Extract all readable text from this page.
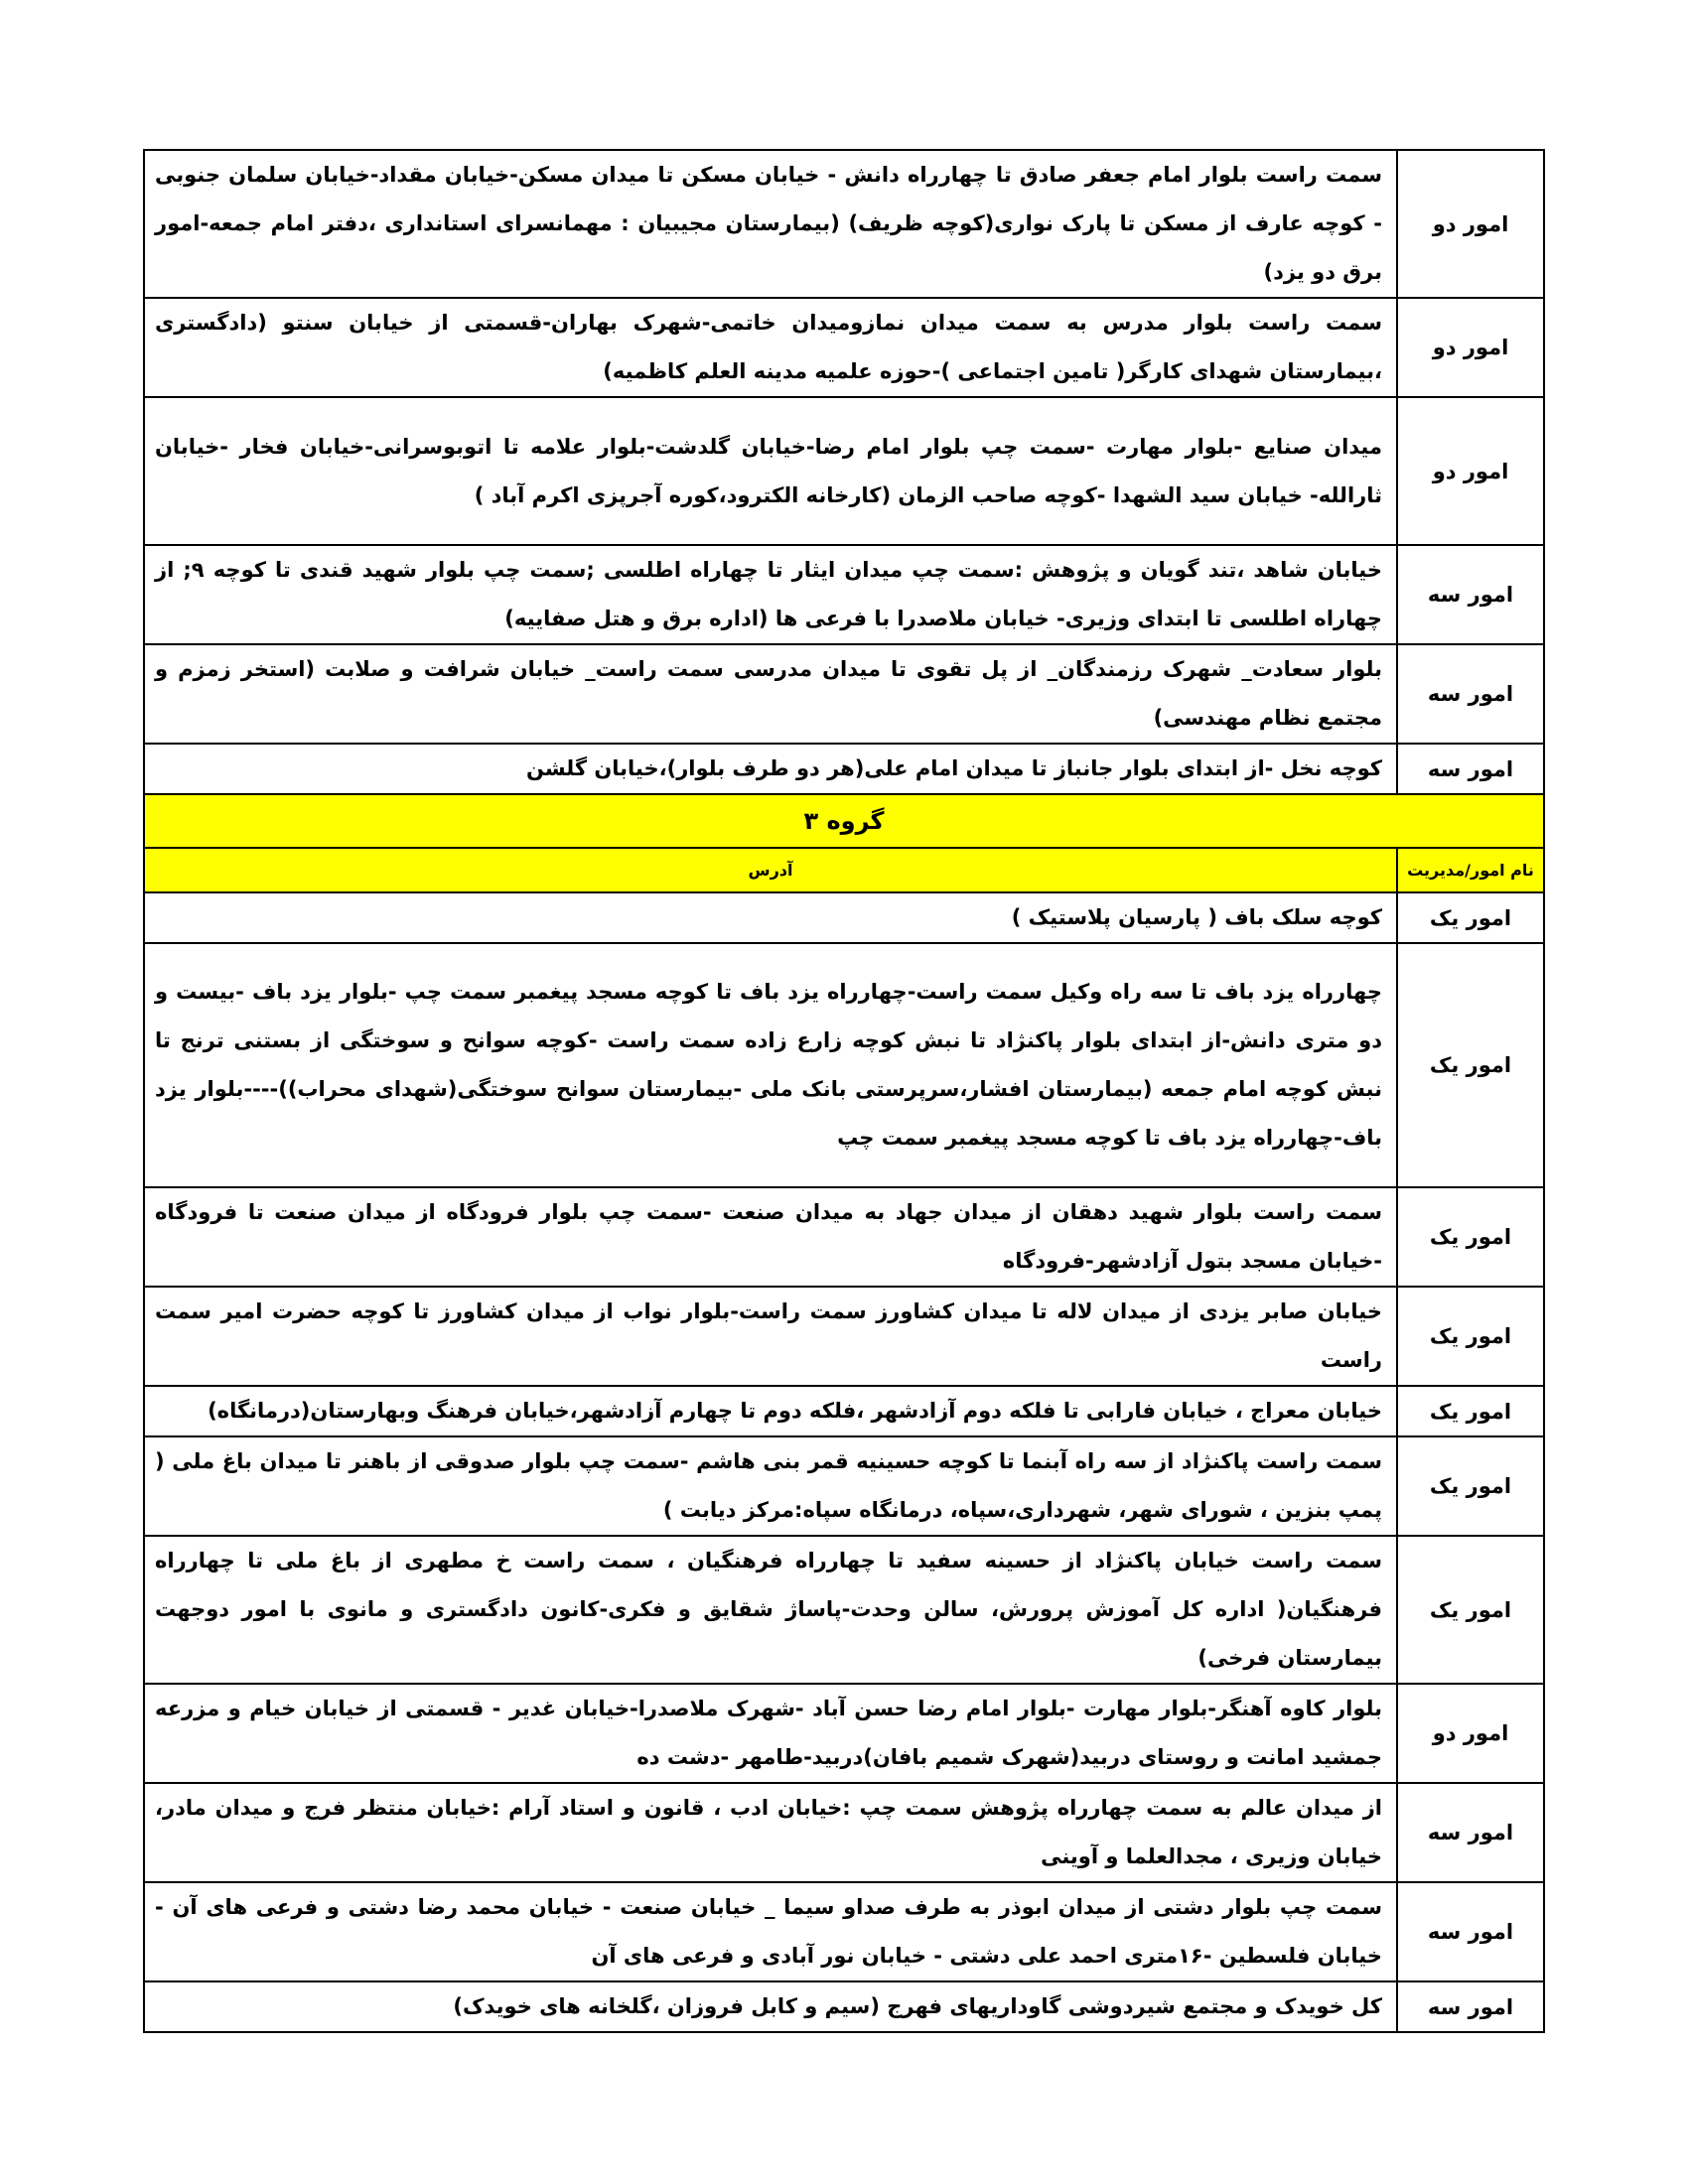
امور دو	سمت راست بلوار امام جعفر صادق تا چهارراه دانش - خیابان مسکن تا میدان مسکن-خیابان مقداد-خیابان سلمان جنوبی - کوچه عارف از مسکن تا پارک نواری(کوچه ظریف) (بیمارستان مجیبیان : مهمانسرای استانداری ،دفتر امام جمعه-امور برق دو یزد)
امور دو	سمت راست بلوار مدرس به سمت میدان نمازومیدان خاتمی-شهرک بهاران-قسمتی از خیابان سنتو (دادگستری ،بیمارستان شهدای کارگر( تامین اجتماعی )-حوزه علمیه مدینه العلم کاظمیه)
امور دو	میدان صنایع -بلوار مهارت -سمت چپ بلوار امام رضا-خیابان گلدشت-بلوار علامه تا اتوبوسرانی-خیابان فخار -خیابان ثارالله- خیابان سید الشهدا -کوچه صاحب الزمان (کارخانه الکترود،کوره آجرپزی اکرم آباد )
امور سه	خیابان شاهد ،تند گویان و پژوهش :سمت چپ میدان ایثار تا چهاراه اطلسی ;سمت چپ بلوار شهید قندی تا کوچه ۹; از چهاراه اطلسی تا ابتدای وزیری- خیابان ملاصدرا با فرعی ها (اداره برق و هتل صفاییه)
امور سه	بلوار سعادت_ شهرک رزمندگان_ از پل تقوی تا میدان مدرسی سمت راست_ خیابان شرافت و صلابت (استخر زمزم و مجتمع نظام مهندسی)
امور سه	کوچه نخل -از ابتدای بلوار جانباز تا میدان امام علی(هر دو طرف بلوار)،خیابان گلشن
گروه ۳	
نام امور/مدیریت	آدرس
امور یک	کوچه سلک باف ( پارسیان پلاستیک )
امور یک	چهارراه یزد باف تا سه راه وکیل سمت راست-چهارراه یزد باف تا کوچه مسجد پیغمبر سمت چپ -بلوار یزد باف -بیست و دو متری دانش-از ابتدای بلوار پاکنژاد تا نبش کوچه زارع زاده سمت راست -کوچه سوانح و سوختگی از بستنی ترنج تا نبش کوچه امام جمعه (بیمارستان افشار،سرپرستی بانک ملی -بیمارستان سوانح سوختگی(شهدای محراب))----بلوار یزد باف-چهارراه یزد باف تا کوچه مسجد پیغمبر سمت چپ
امور یک	سمت راست بلوار شهید دهقان از میدان جهاد به میدان صنعت -سمت چپ بلوار فرودگاه از میدان صنعت تا فرودگاه -خیابان مسجد بتول آزادشهر-فرودگاه
امور یک	خیابان صابر یزدی از میدان لاله تا میدان کشاورز سمت راست-بلوار نواب از میدان کشاورز تا کوچه حضرت امیر سمت راست
امور یک	خیابان معراج ، خیابان فارابی تا فلکه دوم آزادشهر ،فلکه دوم تا چهارم آزادشهر،خیابان فرهنگ وبهارستان(درمانگاه)
امور یک	سمت راست پاکنژاد از سه راه آبنما تا کوچه حسینیه قمر بنی هاشم -سمت چپ بلوار صدوقی از باهنر تا میدان باغ ملی ( پمپ بنزین ، شورای شهر، شهرداری،سپاه، درمانگاه سپاه:مرکز دیابت )
امور یک	سمت راست خیابان پاکنژاد از حسینه سفید تا چهارراه فرهنگیان ، سمت راست خ مطهری از باغ ملی تا چهارراه فرهنگیان( اداره کل آموزش پرورش، سالن وحدت-پاساژ شقایق و فکری-کانون دادگستری و مانوی با امور دوجهت بیمارستان فرخی)
امور دو	بلوار کاوه آهنگر-بلوار مهارت -بلوار امام رضا حسن آباد -شهرک ملاصدرا-خیابان غدیر - قسمتی از خیابان خیام و مزرعه جمشید امانت و روستای دربید(شهرک شمیم بافان)دربید-طامهر -دشت ده
امور سه	از میدان عالم به سمت چهارراه پژوهش سمت چپ :خیابان ادب ، قانون و استاد آرام :خیابان منتظر فرج و میدان مادر، خیابان وزیری ، مجدالعلما و آوینی
امور سه	سمت چپ بلوار دشتی از میدان ابوذر به طرف صداو سیما _ خیابان صنعت - خیابان محمد رضا دشتی و فرعی های آن - خیابان فلسطین -۱۶متری احمد علی دشتی - خیابان نور آبادی و فرعی های آن
امور سه	کل خویدک و مجتمع شیردوشی گاوداریهای فهرج (سیم و کابل فروزان ،گلخانه های خویدک)
